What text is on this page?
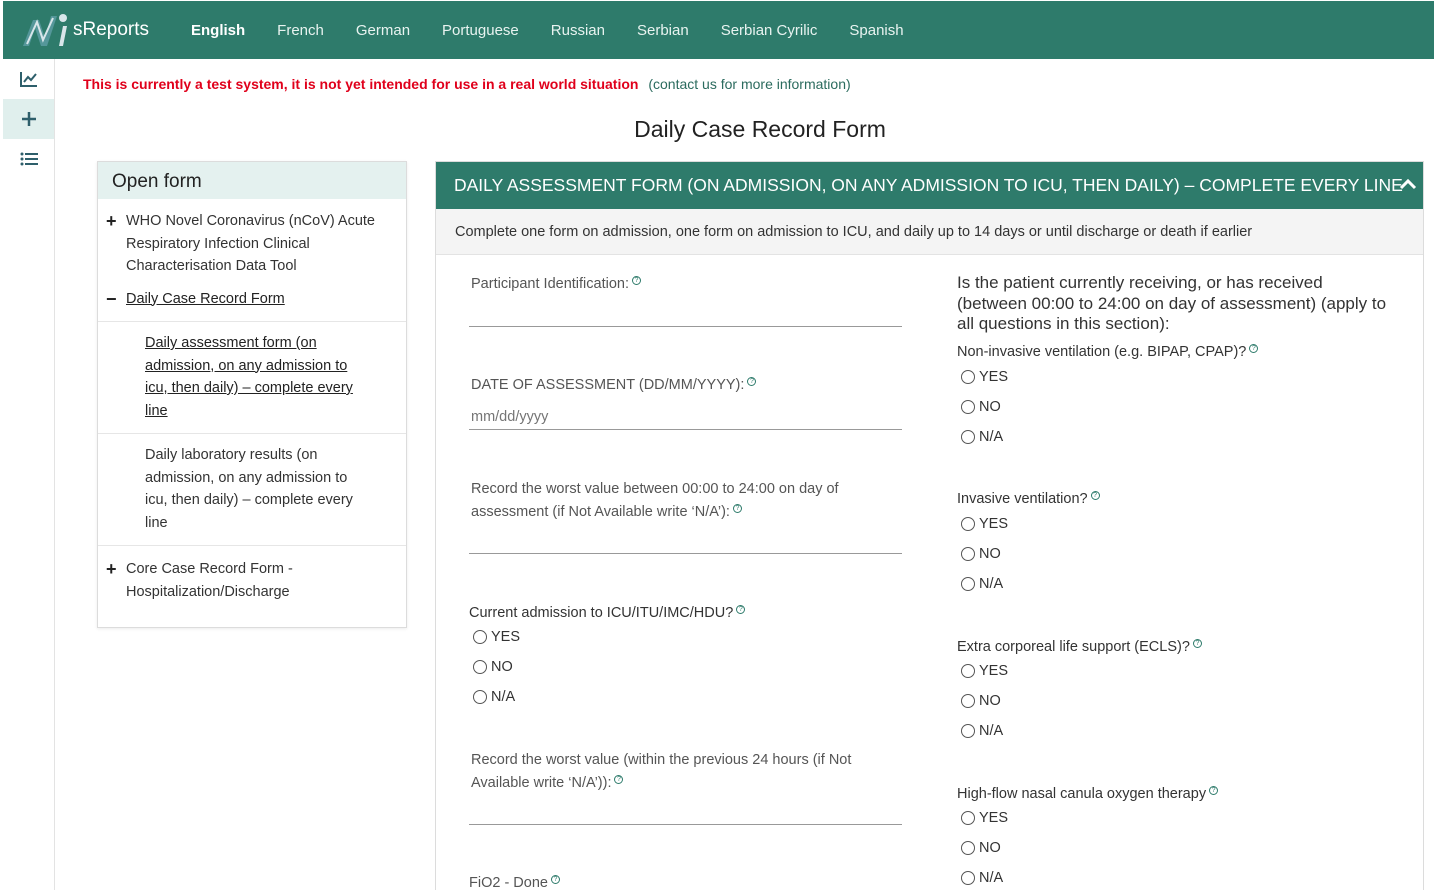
sReports	English French German Portuguese Russian Serbian Serbian Cyrilic Spanish
This is currently a test system, it is not yet intended for use in a real world situation (contact us for more information)
Daily Case Record Form
Open form
+ WHO Novel Coronavirus (nCoV) Acute Respiratory Infection Clinical Characterisation Data Tool
− Daily Case Record Form
Daily assessment form (on admission, on any admission to icu, then daily) – complete every line
Daily laboratory results (on admission, on any admission to icu, then daily) – complete every line
+ Core Case Record Form - Hospitalization/Discharge
DAILY ASSESSMENT FORM (ON ADMISSION, ON ANY ADMISSION TO ICU, THEN DAILY) – COMPLETE EVERY LINE
Complete one form on admission, one form on admission to ICU, and daily up to 14 days or until discharge or death if earlier
Participant Identification: ?
DATE OF ASSESSMENT (DD/MM/YYYY): ?
mm/dd/yyyy
Record the worst value between 00:00 to 24:00 on day of assessment (if Not Available write ‘N/A’): ?
Current admission to ICU/ITU/IMC/HDU? ?
YES
NO
N/A
Record the worst value (within the previous 24 hours (if Not Available write ‘N/A’)): ?
FiO2 - Done ?
Is the patient currently receiving, or has received (between 00:00 to 24:00 on day of assessment) (apply to all questions in this section):
Non-invasive ventilation (e.g. BIPAP, CPAP)? ?
YES
NO
N/A
Invasive ventilation? ?
YES
NO
N/A
Extra corporeal life support (ECLS)? ?
YES
NO
N/A
High-flow nasal canula oxygen therapy ?
YES
NO
N/A
